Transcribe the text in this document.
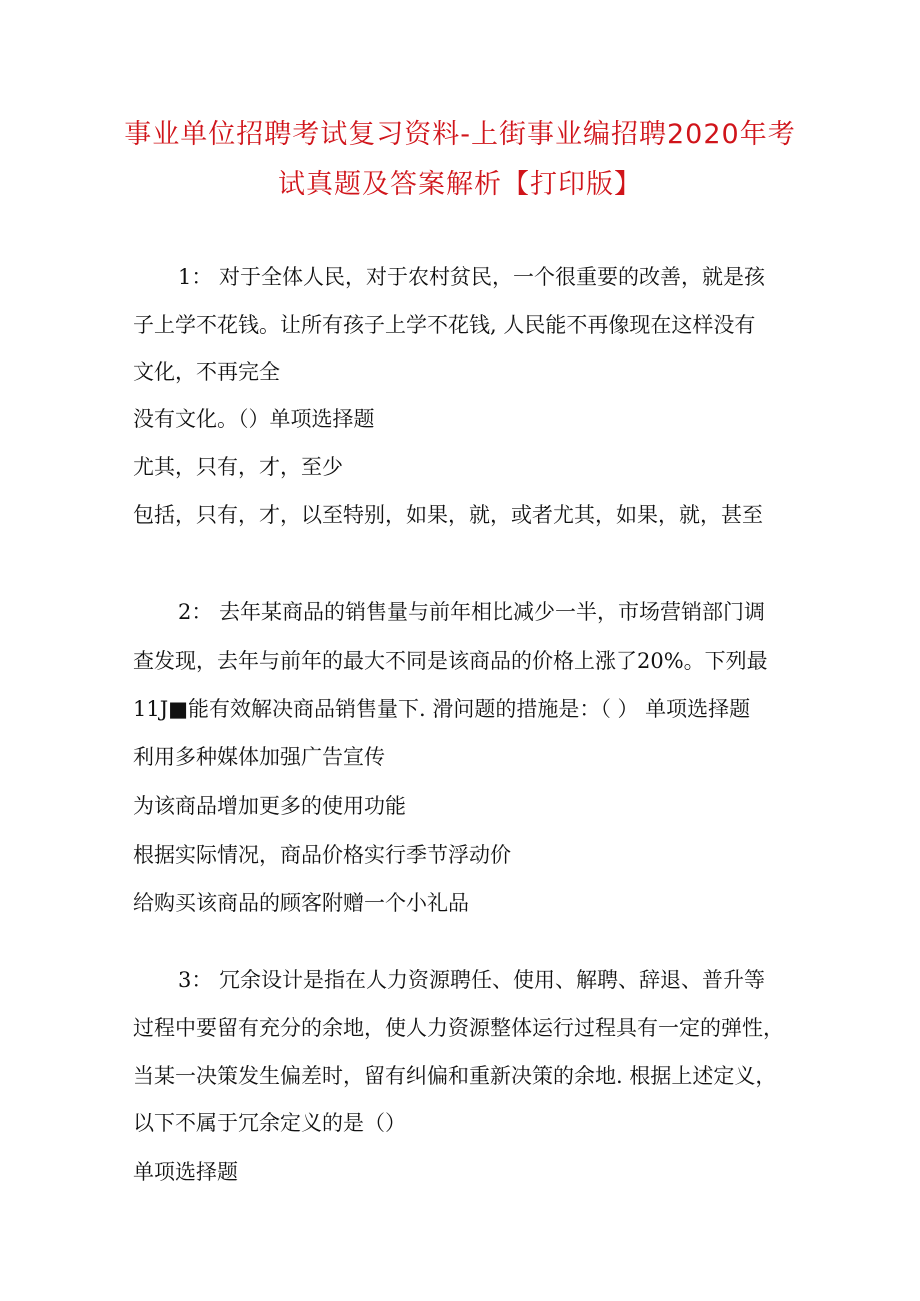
事业单位招聘考试复习资料-上街事业编招聘2020年考
试真题及答案解析【打印版】
1： 对于全体人民，对于农村贫民，一个很重要的改善，就是孩
子上学不花钱。让所有孩子上学不花钱, 人民能不再像现在这样没有
文化，不再完全
没有文化。（）单项选择题
尤其，只有，才，至少
包括，只有，才，以至特别，如果，就，或者尤其，如果，就，甚至
2： 去年某商品的销售量与前年相比减少一半，市场营销部门调
查发现，去年与前年的最大不同是该商品的价格上涨了20%。下列最
11J■能有效解决商品销售量下. 滑问题的措施是：（ ） 单项选择题
利用多种媒体加强广告宣传
为该商品增加更多的使用功能
根据实际情况，商品价格实行季节浮动价
给购买该商品的顾客附赠一个小礼品
3： 冗余设计是指在人力资源聘任、使用、解聘、辞退、普升等
过程中要留有充分的余地，使人力资源整体运行过程具有一定的弹性，
当某一决策发生偏差时，留有纠偏和重新决策的余地. 根据上述定义，
以下不属于冗余定义的是（）
单项选择题
